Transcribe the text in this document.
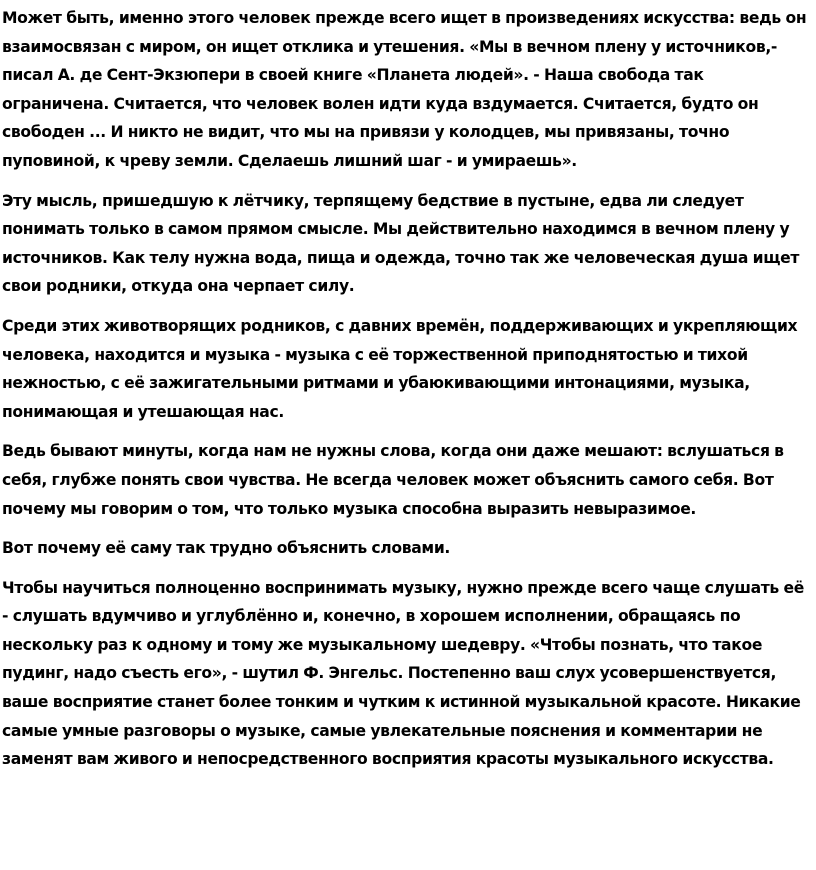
Может быть, именно этого человек прежде всего ищет в произведениях искусства: ведь он взаимосвязан с миром, он ищет отклика и утешения. «Мы в вечном плену у источников,- писал А. де Сент-Экзюпери в своей книге «Планета людей». - Наша свобода так ограничена. Считается, что человек волен идти куда вздумается. Считается, будто он свободен ... И никто не видит, что мы на привязи у колодцев, мы привязаны, точно пуповиной, к чреву земли. Сделаешь лишний шаг - и умираешь».

Эту мысль, пришедшую к лётчику, терпящему бедствие в пустыне, едва ли следует понимать только в самом прямом смысле. Мы действительно находимся в вечном плену у источников. Как телу нужна вода, пища и одежда, точно так же человеческая душа ищет свои родники, откуда она черпает силу.

Среди этих животворящих родников, с давних времён, поддерживающих и укрепляющих человека, находится и музыка - музыка с её торжественной приподнятостью и тихой нежностью, с её зажигательными ритмами и убаюкивающими интонациями, музыка, понимающая и утешающая нас.

Ведь бывают минуты, когда нам не нужны слова, когда они даже мешают: вслушаться в себя, глубже понять свои чувства. Не всегда человек может объяснить самого себя. Вот почему мы говорим о том, что только музыка способна выразить невыразимое.

Вот почему её саму так трудно объяснить словами.

Чтобы научиться полноценно воспринимать музыку, нужно прежде всего чаще слушать её - слушать вдумчиво и углублённо и, конечно, в хорошем исполнении, обращаясь по нескольку раз к одному и тому же музыкальному шедевру. «Чтобы познать, что такое пудинг, надо съесть его», - шутил Ф. Энгельс. Постепенно ваш слух усовершенствуется, ваше восприятие станет более тонким и чутким к истинной музыкальной красоте. Никакие самые умные разговоры о музыке, самые увлекательные пояснения и комментарии не заменят вам живого и непосредственного восприятия красоты музыкального искусства.
